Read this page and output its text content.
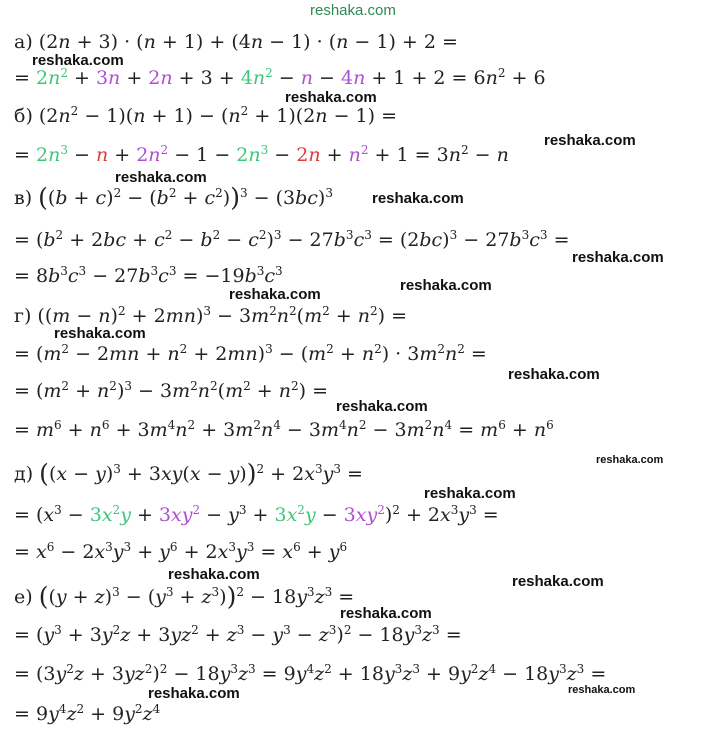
reshaka.com
а) (2n + 3) · (n + 1) + (4n − 1) · (n − 1) + 2 =
reshaka.com
= $2n^2 + 3n + 2n + 3 + 4n^2 - n - 4n + 1 + 2 = 6n^2 + 6$
reshaka.com
б) $(2n^2 - 1)(n + 1) - (n^2 + 1)(2n - 1)$ =
reshaka.com
= $2n^3 - n + 2n^2 - 1 - 2n^3 - 2n + n^2 + 1 = 3n^2 - n$
reshaka.com
в) $((b + c)^2 - (b^2 + c^2))^3 - (3bc)^3$	reshaka.com
= $(b^2 + 2bc + c^2 - b^2 - c^2)^3 - 27b^3c^3 = (2bc)^3 - 27b^3c^3$ =
reshaka.com
= $8b^3c^3 - 27b^3c^3 = -19b^3c^3$
reshaka.com
reshaka.com
г) $((m - n)^2 + 2mn)^3 - 3m^2n^2(m^2 + n^2)$ =
reshaka.com
= $(m^2 - 2mn + n^2 + 2mn)^3 - (m^2 + n^2) \cdot 3m^2n^2$ =
reshaka.com
= $(m^2 + n^2)^3 - 3m^2n^2(m^2 + n^2)$ =
reshaka.com
= $m^6 + n^6 + 3m^4n^2 + 3m^2n^4 - 3m^4n^2 - 3m^2n^4 = m^6 + n^6$
reshaka.com
д) $((x - y)^3 + 3xy(x - y))^2 + 2x^3y^3$ =
reshaka.com
= $(x^3 - 3x^2y + 3xy^2 - y^3 + 3x^2y - 3xy^2)^2 + 2x^3y^3$ =
= $x^6 - 2x^3y^3 + y^6 + 2x^3y^3 = x^6 + y^6$
reshaka.com	reshaka.com
е) $((y + z)^3 - (y^3 + z^3))^2 - 18y^3z^3$ =
reshaka.com
= $(y^3 + 3y^2z + 3yz^2 + z^3 - y^3 - z^3)^2 - 18y^3z^3$ =
= $(3y^2z + 3yz^2)^2 - 18y^3z^3 = 9y^4z^2 + 18y^3z^3 + 9y^2z^4 - 18y^3z^3$ =
reshaka.com
reshaka.com
= $9y^4z^2 + 9y^2z^4$
